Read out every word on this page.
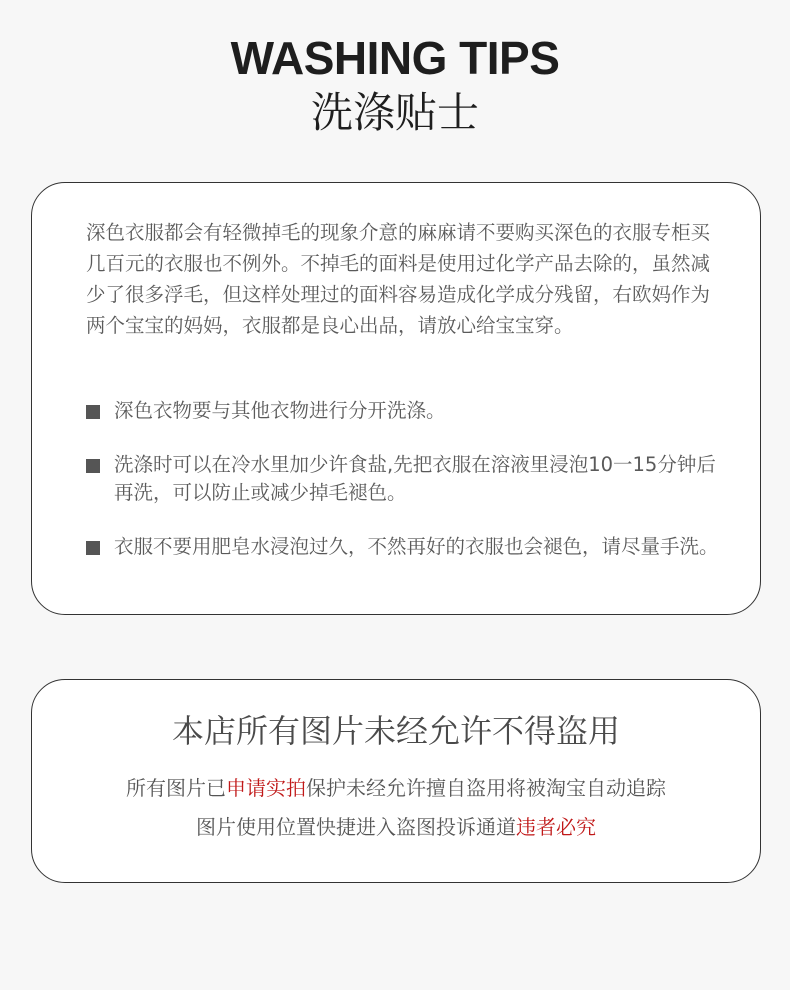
WASHING TIPS
洗涤贴士

深色衣服都会有轻微掉毛的现象介意的麻麻请不要购买深色的衣服专柜买几百元的衣服也不例外。不掉毛的面料是使用过化学产品去除的，虽然减少了很多浮毛，但这样处理过的面料容易造成化学成分残留，右欧妈作为两个宝宝的妈妈，衣服都是良心出品，请放心给宝宝穿。

深色衣物要与其他衣物进行分开洗涤。
洗涤时可以在冷水里加少许食盐,先把衣服在溶液里浸泡10一15分钟后再洗，可以防止或减少掉毛褪色。
衣服不要用肥皂水浸泡过久，不然再好的衣服也会褪色，请尽量手洗。
本店所有图片未经允许不得盗用
所有图片已申请实拍保护未经允许擅自盗用将被淘宝自动追踪
图片使用位置快捷进入盗图投诉通道违者必究
